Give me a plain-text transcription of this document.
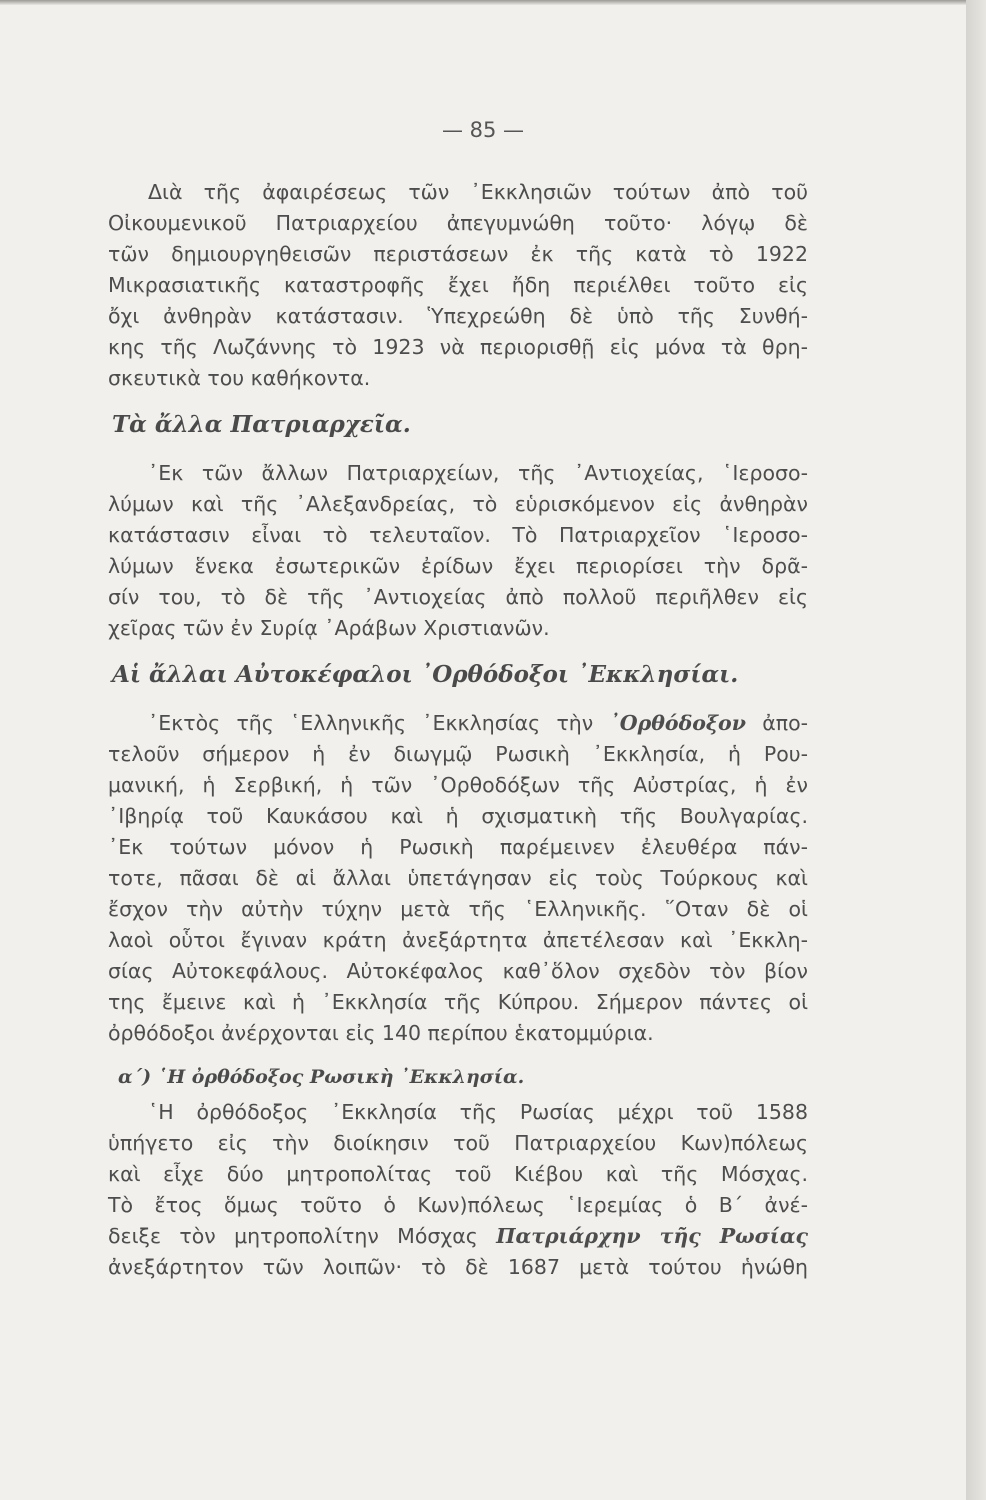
— 85 —
Διὰ τῆς ἀφαιρέσεως τῶν ᾿Εκκλησιῶν τούτων ἀπὸ τοῦ
Οἰκουμενικοῦ Πατριαρχείου ἀπεγυμνώθη τοῦτο· λόγῳ δὲ
τῶν δημιουργηθεισῶν περιστάσεων ἐκ τῆς κατὰ τὸ 1922
Μικρασιατικῆς καταστροφῆς ἔχει ἤδη περιέλθει τοῦτο εἰς
ὄχι ἀνθηρὰν κατάστασιν. Ὑπεχρεώθη δὲ ὑπὸ τῆς Συνθή-
κης τῆς Λωζάννης τὸ 1923 νὰ περιορισθῇ εἰς μόνα τὰ θρη-
σκευτικὰ του καθήκοντα.
Τὰ ἄλλα Πατριαρχεῖα.
᾿Εκ τῶν ἄλλων Πατριαρχείων, τῆς ᾿Αντιοχείας, ῾Ιεροσο-
λύμων καὶ τῆς ᾿Αλεξανδρείας, τὸ εὑρισκόμενον εἰς ἀνθηρὰν
κατάστασιν εἶναι τὸ τελευταῖον. Τὸ Πατριαρχεῖον ῾Ιεροσο-
λύμων ἕνεκα ἐσωτερικῶν ἐρίδων ἔχει περιορίσει τὴν δρᾶ-
σίν του, τὸ δὲ τῆς ᾿Αντιοχείας ἀπὸ πολλοῦ περιῆλθεν εἰς
χεῖρας τῶν ἐν Συρίᾳ ᾿Αράβων Χριστιανῶν.
Αἱ ἄλλαι Αὐτοκέφαλοι ᾿Ορθόδοξοι ᾿Εκκλησίαι.
᾿Εκτὸς τῆς ῾Ελληνικῆς ᾿Εκκλησίας τὴν ᾿Ορθόδοξον ἀπο-
τελοῦν σήμερον ἡ ἐν διωγμῷ Ρωσικὴ ᾿Εκκλησία, ἡ Ρου-
μανική, ἡ Σερβική, ἡ τῶν ᾿Ορθοδόξων τῆς Αὐστρίας, ἡ ἐν
᾿Ιβηρίᾳ τοῦ Καυκάσου καὶ ἡ σχισματικὴ τῆς Βουλγαρίας.
᾿Εκ τούτων μόνον ἡ Ρωσικὴ παρέμεινεν ἐλευθέρα πάν-
τοτε, πᾶσαι δὲ αἱ ἄλλαι ὑπετάγησαν εἰς τοὺς Τούρκους καὶ
ἔσχον τὴν αὐτὴν τύχην μετὰ τῆς ῾Ελληνικῆς. ῞Οταν δὲ οἱ
λαοὶ οὗτοι ἔγιναν κράτη ἀνεξάρτητα ἀπετέλεσαν καὶ ᾿Εκκλη-
σίας Αὐτοκεφάλους. Αὐτοκέφαλος καθ᾿ὅλον σχεδὸν τὸν βίον
της ἔμεινε καὶ ἡ ᾿Εκκλησία τῆς Κύπρου. Σήμερον πάντες οἱ
ὀρθόδοξοι ἀνέρχονται εἰς 140 περίπου ἑκατομμύρια.
α΄) ῾Η ὀρθόδοξος Ρωσικὴ ᾿Εκκλησία.
῾Η ὀρθόδοξος ᾿Εκκλησία τῆς Ρωσίας μέχρι τοῦ 1588
ὑπήγετο εἰς τὴν διοίκησιν τοῦ Πατριαρχείου Κων)πόλεως
καὶ εἶχε δύο μητροπολίτας τοῦ Κιέβου καὶ τῆς Μόσχας.
Τὸ ἔτος ὅμως τοῦτο ὁ Κων)πόλεως ῾Ιερεμίας ὁ Β΄ ἀνέ-
δειξε τὸν μητροπολίτην Μόσχας Πατριάρχην τῆς Ρωσίας
ἀνεξάρτητον τῶν λοιπῶν· τὸ δὲ 1687 μετὰ τούτου ἡνώθη
